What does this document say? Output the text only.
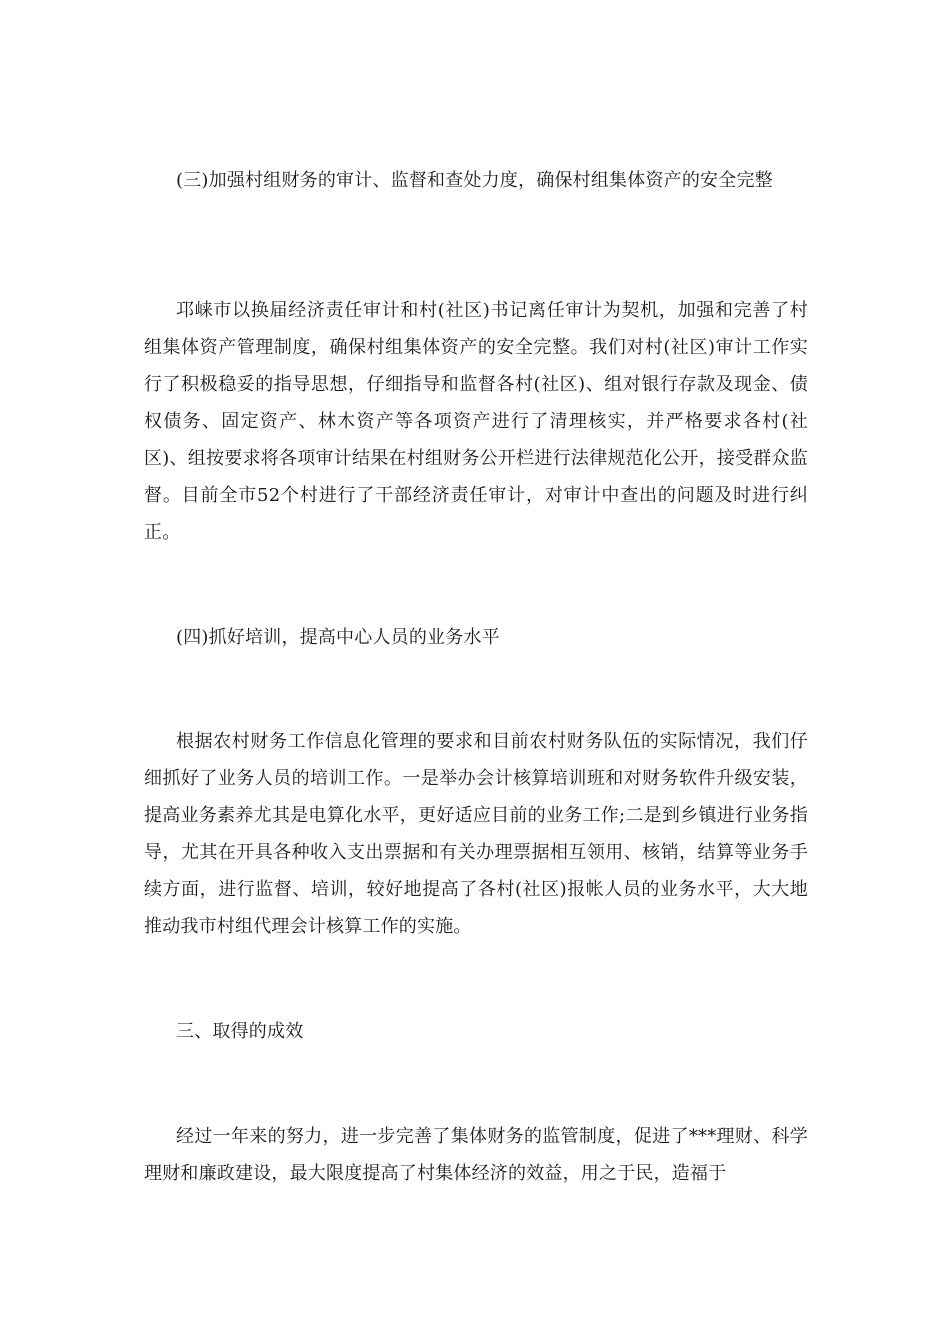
(三)加强村组财务的审计、监督和查处力度，确保村组集体资产的安全完整

邛崃市以换届经济责任审计和村(社区)书记离任审计为契机，加强和完善了村组集体资产管理制度，确保村组集体资产的安全完整。我们对村(社区)审计工作实行了积极稳妥的指导思想，仔细指导和监督各村(社区)、组对银行存款及现金、债权债务、固定资产、林木资产等各项资产进行了清理核实，并严格要求各村(社区)、组按要求将各项审计结果在村组财务公开栏进行法律规范化公开，接受群众监督。目前全市52个村进行了干部经济责任审计，对审计中查出的问题及时进行纠正。

(四)抓好培训，提高中心人员的业务水平

根据农村财务工作信息化管理的要求和目前农村财务队伍的实际情况，我们仔细抓好了业务人员的培训工作。一是举办会计核算培训班和对财务软件升级安装，提高业务素养尤其是电算化水平，更好适应目前的业务工作;二是到乡镇进行业务指导，尤其在开具各种收入支出票据和有关办理票据相互领用、核销，结算等业务手续方面，进行监督、培训，较好地提高了各村(社区)报帐人员的业务水平，大大地推动我市村组代理会计核算工作的实施。

三、取得的成效

经过一年来的努力，进一步完善了集体财务的监管制度，促进了***理财、科学理财和廉政建设，最大限度提高了村集体经济的效益，用之于民，造福于
